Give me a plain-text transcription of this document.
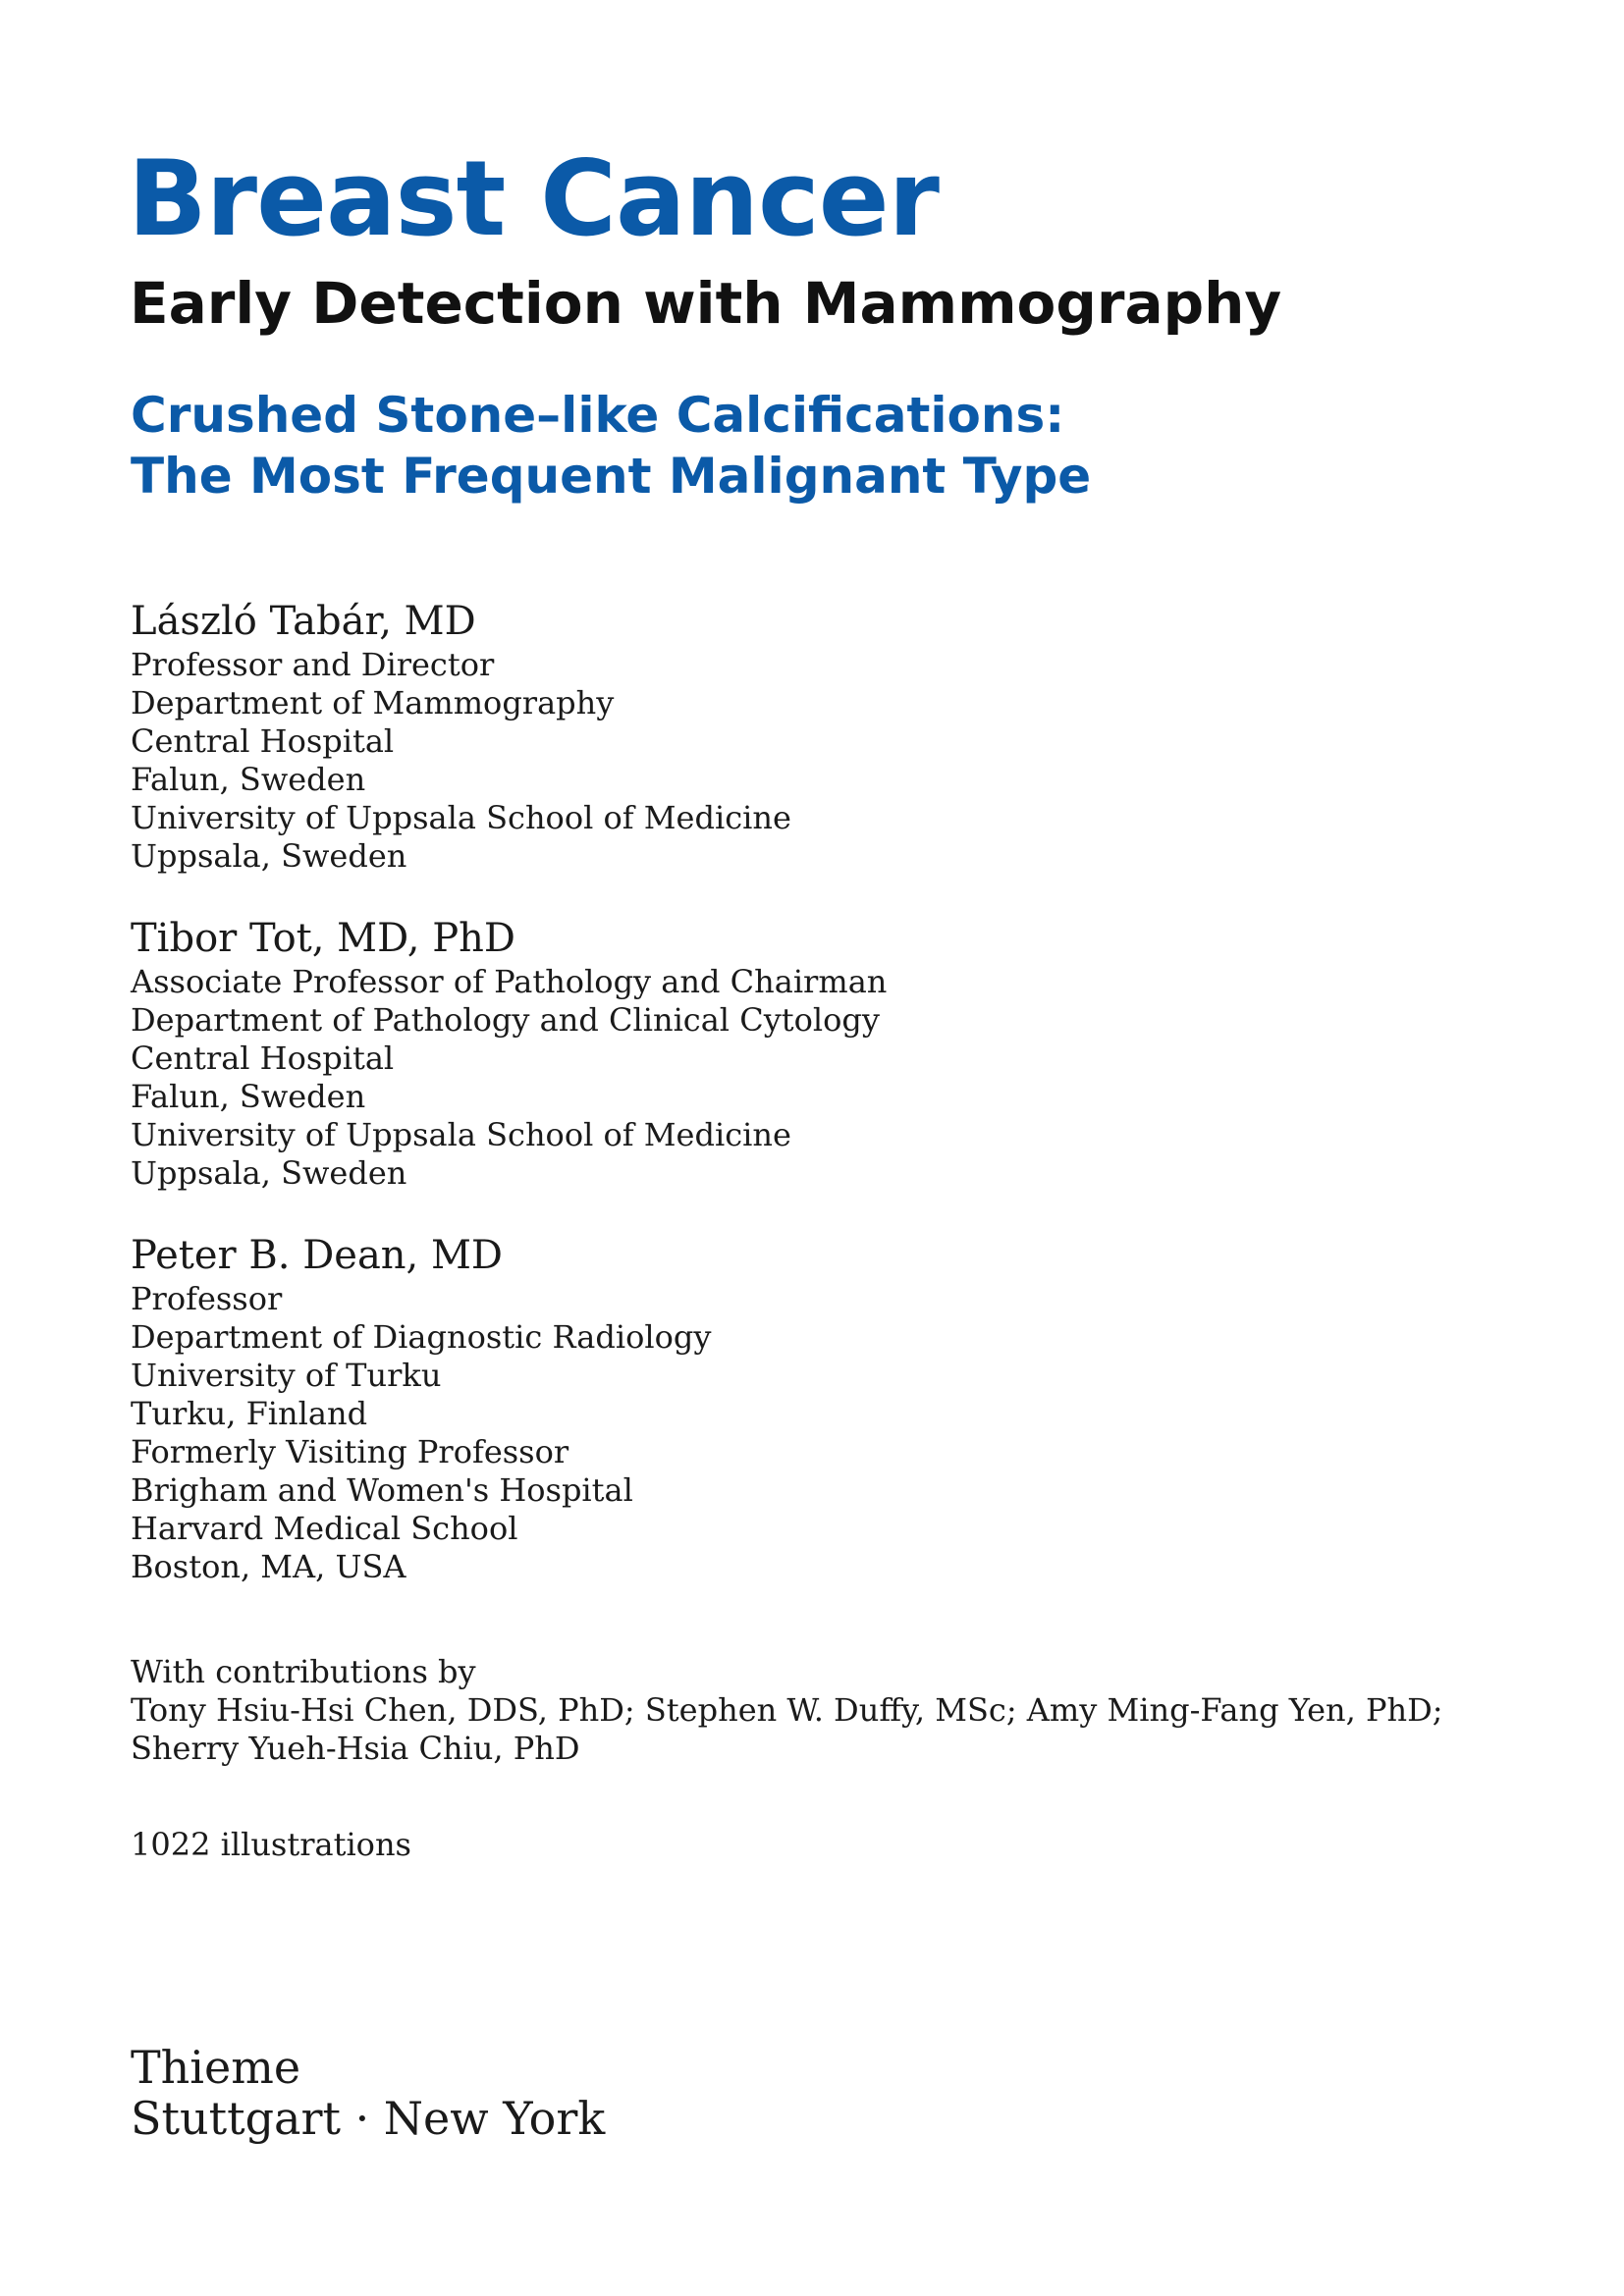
Breast Cancer
Early Detection with Mammography
Crushed Stone–like Calcifications:
The Most Frequent Malignant Type
László Tabár, MD
Professor and Director
Department of Mammography
Central Hospital
Falun, Sweden
University of Uppsala School of Medicine
Uppsala, Sweden
Tibor Tot, MD, PhD
Associate Professor of Pathology and Chairman
Department of Pathology and Clinical Cytology
Central Hospital
Falun, Sweden
University of Uppsala School of Medicine
Uppsala, Sweden
Peter B. Dean, MD
Professor
Department of Diagnostic Radiology
University of Turku
Turku, Finland
Formerly Visiting Professor
Brigham and Women's Hospital
Harvard Medical School
Boston, MA, USA

With contributions by
Tony Hsiu-Hsi Chen, DDS, PhD; Stephen W. Duffy, MSc; Amy Ming-Fang Yen, PhD;
Sherry Yueh-Hsia Chiu, PhD

1022 illustrations

Thieme
Stuttgart · New York
